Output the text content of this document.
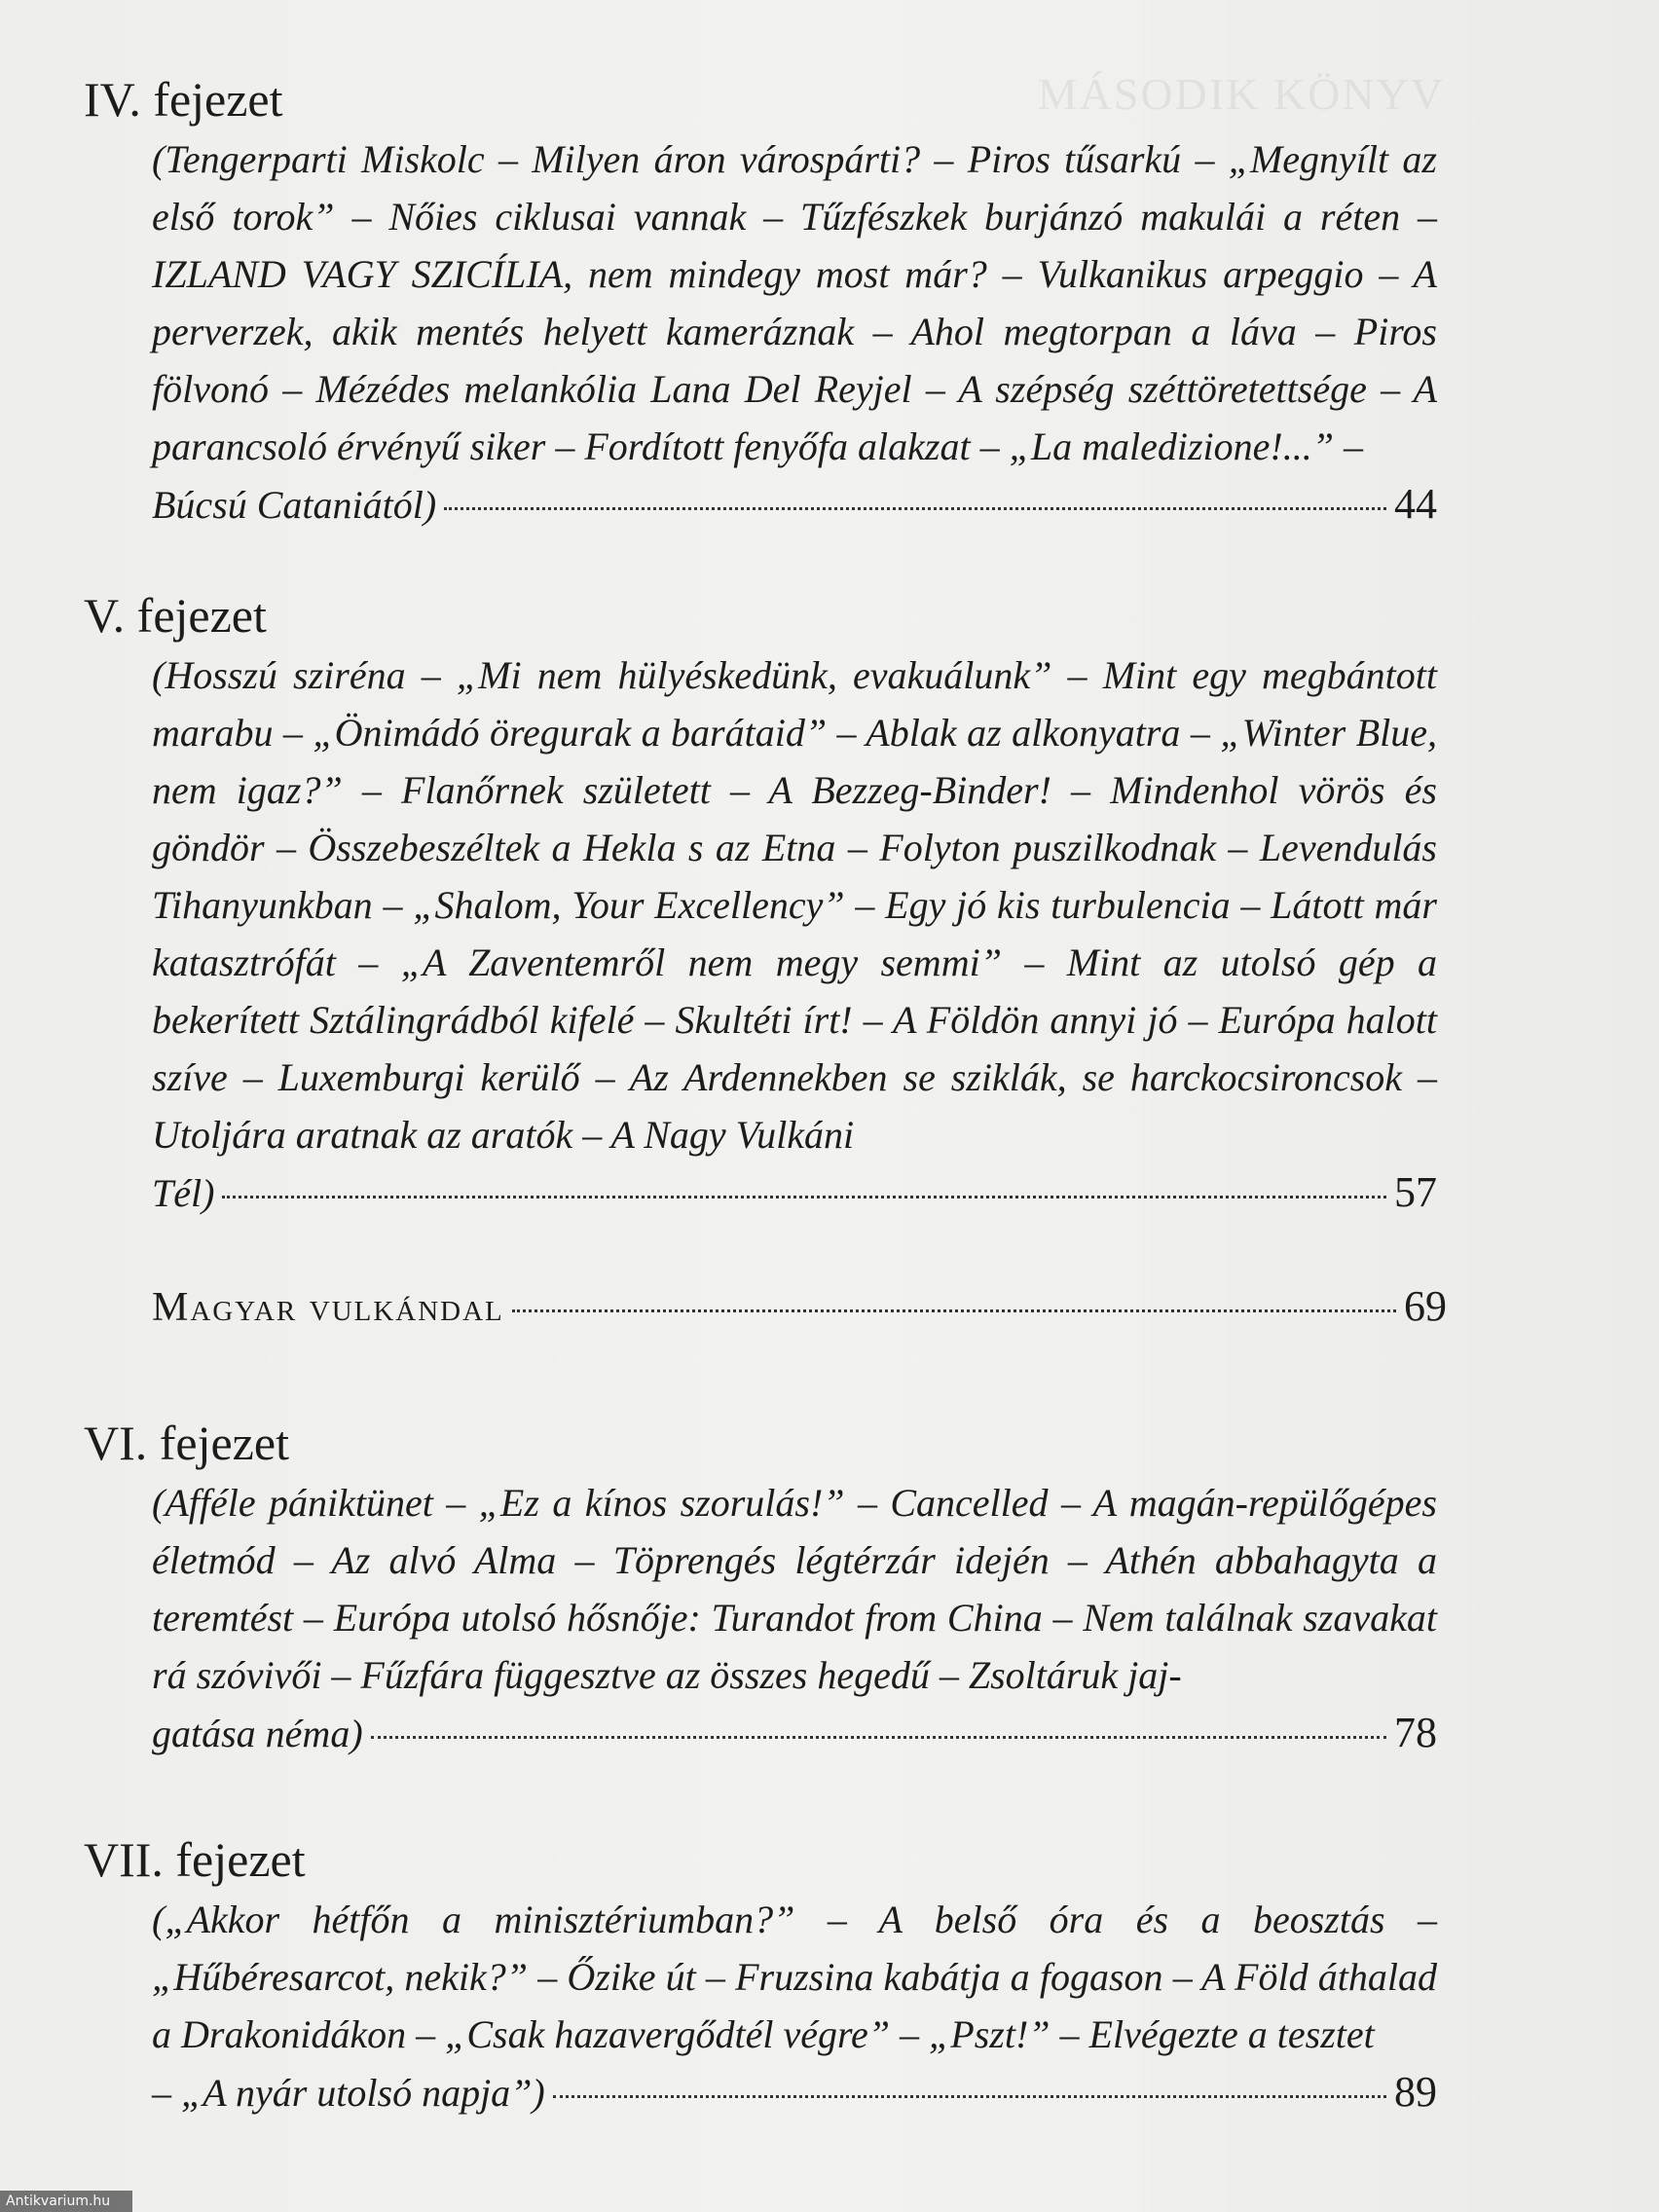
MÁSODIK KÖNYV
IV. fejezet
(Tengerparti Miskolc – Milyen áron várospárti? – Piros tűsarkú – „Megnyílt az első torok” – Nőies ciklusai vannak – Tűzfészkek burjánzó makulái a réten – IZLAND VAGY SZICÍLIA, nem mindegy most már? – Vulkanikus arpeggio – A perverzek, akik mentés helyett kameráznak – Ahol megtorpan a láva – Piros fölvonó – Mézédes melankólia Lana Del Reyjel – A szépség széttöretettsége – A parancsoló érvényű siker – Fordított fenyőfa alakzat – „La maledizione!...” –
Búcsú Cataniától)	44
V. fejezet
(Hosszú sziréna – „Mi nem hülyéskedünk, evakuálunk” – Mint egy megbántott marabu – „Önimádó öregurak a barátaid” – Ablak az alkonyatra – „Winter Blue, nem igaz?” – Flanőrnek született – A Bezzeg-Binder! – Mindenhol vörös és göndör – Összebeszéltek a Hekla s az Etna – Folyton puszilkodnak – Levendulás Tihanyunkban – „Shalom, Your Excellency” – Egy jó kis turbulencia – Látott már katasztrófát – „A Zaventemről nem megy semmi” – Mint az utolsó gép a bekerített Sztálingrádból kifelé – Skultéti írt! – A Földön annyi jó – Európa halott szíve – Luxemburgi kerülő – Az Ardennekben se sziklák, se harckocsironcsok – Utoljára aratnak az aratók – A Nagy Vulkáni
Tél)	57
Magyar vulkándal	69
VI. fejezet
(Afféle pániktünet – „Ez a kínos szorulás!” – Cancelled – A magán-repülőgépes életmód – Az alvó Alma – Töprengés légtérzár idején – Athén abbahagyta a teremtést – Európa utolsó hősnője: Turandot from China – Nem találnak szavakat rá szóvivői – Fűzfára függesztve az összes hegedű – Zsoltáruk jaj-
gatása néma)	78
VII. fejezet
(„Akkor hétfőn a minisztériumban?” – A belső óra és a beosztás – „Hűbéresarcot, nekik?” – Őzike út – Fruzsina kabátja a fogason – A Föld áthalad a Drakonidákon – „Csak hazavergődtél végre” – „Pszt!” – Elvégezte a tesztet
– „A nyár utolsó napja”)	89
Antikvarium.hu
